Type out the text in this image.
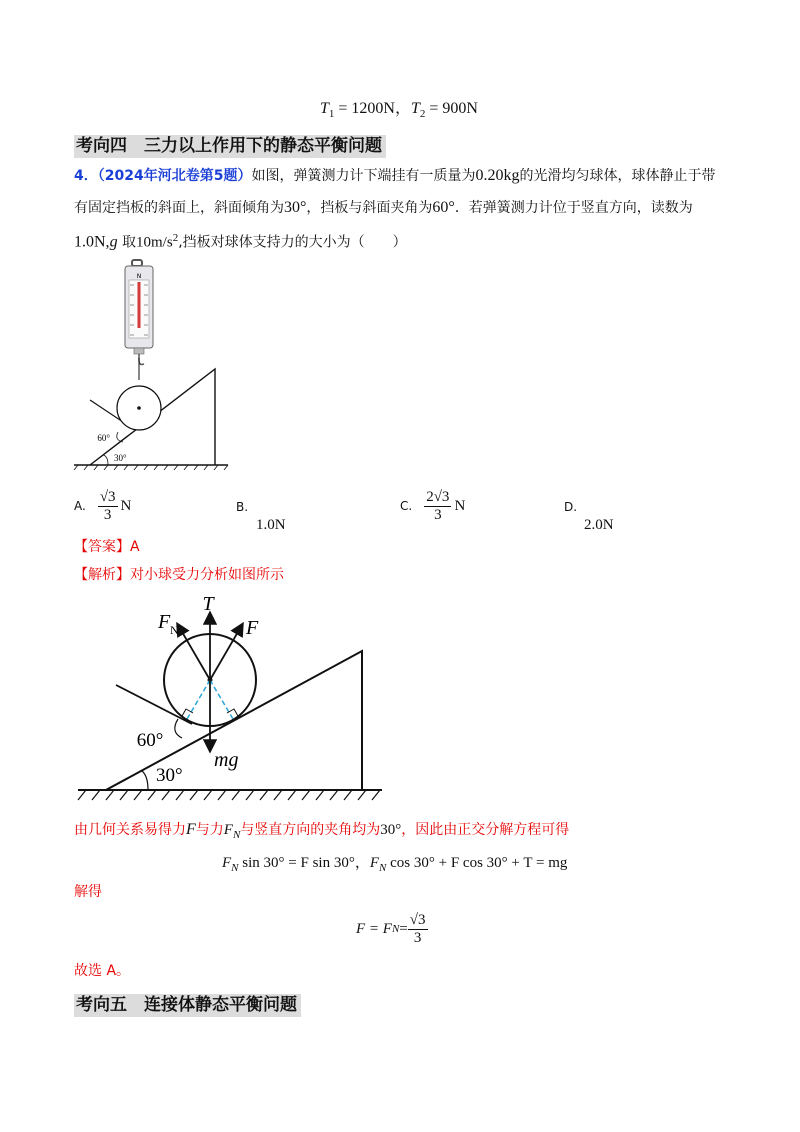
$T_1 = 1200N$，$T_2 = 900N$
考向四　三力以上作用下的静态平衡问题
4．（2024年河北卷第5题）如图，弹簧测力计下端挂有一质量为0.20kg的光滑均匀球体，球体静止于带
有固定挡板的斜面上，斜面倾角为30°，挡板与斜面夹角为60°．若弹簧测力计位于竖直方向，读数为
1.0N,g 取$10m/s^2$,挡板对球体支持力的大小为（　　）
N
60°
30°
A. $\frac{√3}{3}$ N	B.
1.0N
C. $\frac{2√3}{3}$ N	D.
2.0N
【答案】A
【解析】对小球受力分析如图所示
T
F
F N
mg
60°
30°
由几何关系易得力F与力$F_N$与竖直方向的夹角均为30°，因此由正交分解方程可得
$F_N$ sin 30° = F sin 30°，$F_N$ cos 30° + F cos 30° + T = mg
解得
F = F $N = \frac{√3}{3}$
故选 A。
考向五　连接体静态平衡问题
